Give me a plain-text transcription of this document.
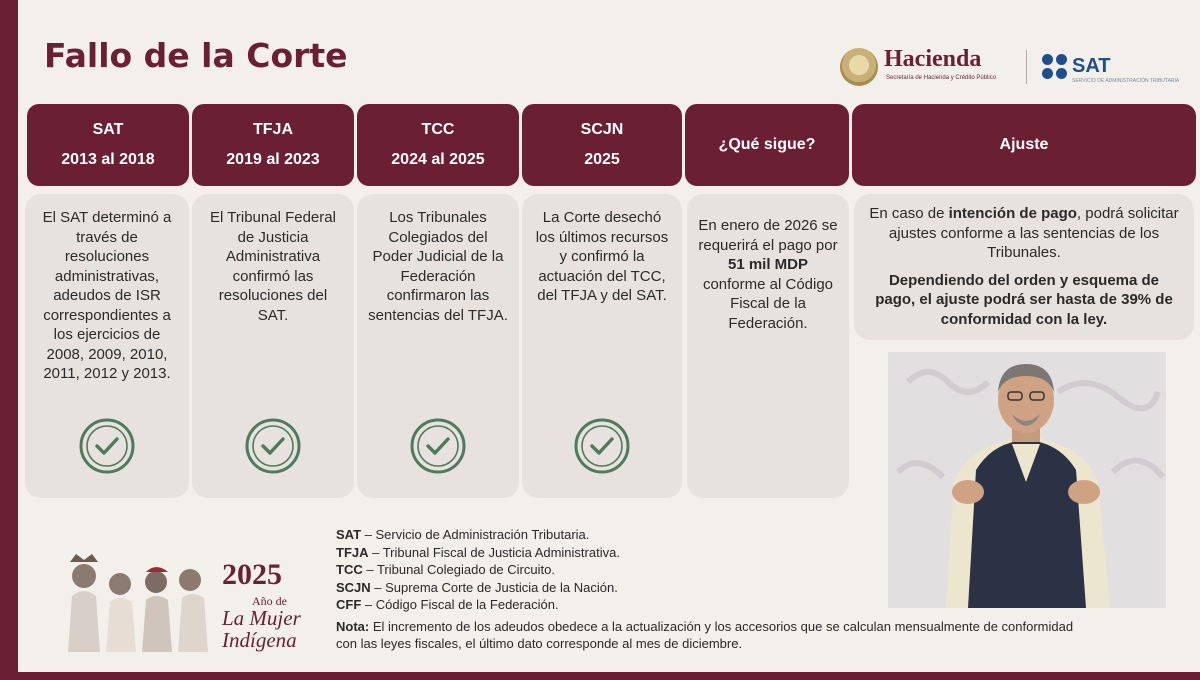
Fallo de la Corte	Hacienda
Secretaría de Hacienda y Crédito Público
SAT
SERVICIO DE ADMINISTRACIÓN TRIBUTARIA
SAT
2013 al 2018
TFJA
2019 al 2023
TCC
2024 al 2025
SCJN
2025
¿Qué sigue?	Ajuste
El SAT determinó a través de resoluciones administrativas, adeudos de ISR correspondientes a los ejercicios de 2008, 2009, 2010, 2011, 2012 y 2013.
El Tribunal Federal de Justicia Administrativa confirmó las resoluciones del SAT.
Los Tribunales Colegiados del Poder Judicial de la Federación confirmaron las sentencias del TFJA.
La Corte desechó los últimos recursos y confirmó la actuación del TCC, del TFJA y del SAT.
En enero de 2026 se requerirá el pago por 51 mil MDP conforme al Código Fiscal de la Federación.

En caso de intención de pago, podrá solicitar ajustes conforme a las sentencias de los Tribunales.

Dependiendo del orden y esquema de pago, el ajuste podrá ser hasta de 39% de conformidad con la ley.

SAT – Servicio de Administración Tributaria.
TFJA – Tribunal Fiscal de Justicia Administrativa.
TCC – Tribunal Colegiado de Circuito.
SCJN – Suprema Corte de Justicia de la Nación.
CFF – Código Fiscal de la Federación.
Nota: El incremento de los adeudos obedece a la actualización y los accesorios que se calculan mensualmente de conformidad con las leyes fiscales, el último dato corresponde al mes de diciembre.
2025
Año de
La Mujer
Indígena
